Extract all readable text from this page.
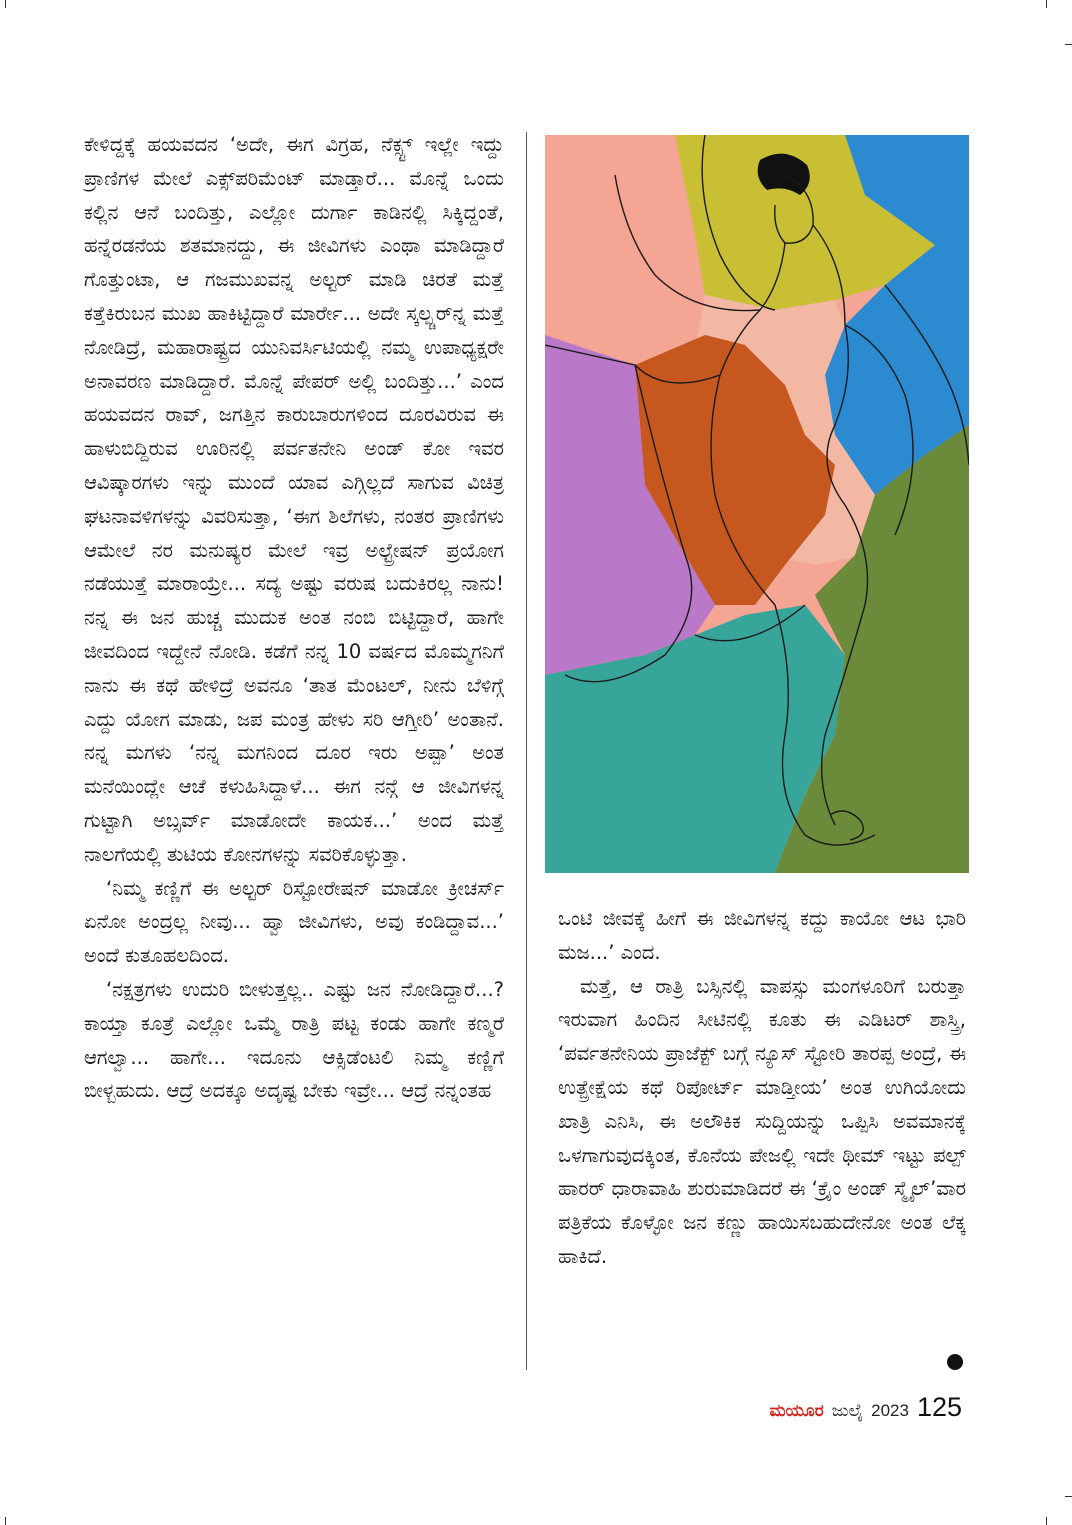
ಕೇಳಿದ್ದಕ್ಕೆ ಹಯವದನ ‘ಅದೇ, ಈಗ ವಿಗ್ರಹ, ನೆಕ್ಸ್ಟ್ ಇಲ್ಲೇ ಇದ್ದು ಪ್ರಾಣಿಗಳ ಮೇಲೆ ಎಕ್ಸ್‌ಪರಿಮೆಂಟ್ ಮಾಡ್ತಾರೆ... ಮೊನ್ನೆ ಒಂದು ಕಲ್ಲಿನ ಆನೆ ಬಂದಿತ್ತು, ಎಲ್ಲೋ ದುರ್ಗಾ ಕಾಡಿನಲ್ಲಿ ಸಿಕ್ಕಿದ್ದಂತೆ, ಹನ್ನೆರಡನೆಯ ಶತಮಾನದ್ದು, ಈ ಜೀವಿಗಳು ಎಂಥಾ ಮಾಡಿದ್ದಾರೆ ಗೊತ್ತುಂಟಾ, ಆ ಗಜಮುಖವನ್ನ ಅಲ್ಟರ್ ಮಾಡಿ ಚಿರತೆ ಮತ್ತೆ ಕತ್ತೆಕಿರುಬನ ಮುಖ ಹಾಕಿಟ್ಟಿದ್ದಾರೆ ಮಾರ್ರೇ... ಅದೇ ಸ್ಕಲ್ಪ್ಚರ್‌ನ್ನ ಮತ್ತೆ ನೋಡಿದ್ರೆ, ಮಹಾರಾಷ್ಟ್ರದ ಯುನಿವರ್ಸಿಟಿಯಲ್ಲಿ ನಮ್ಮ ಉಪಾಧ್ಯಕ್ಷರೇ ಅನಾವರಣ ಮಾಡಿದ್ದಾರೆ. ಮೊನ್ನೆ ಪೇಪರ್ ಅಲ್ಲಿ ಬಂದಿತ್ತು...’ ಎಂದ ಹಯವದನ ರಾವ್, ಜಗತ್ತಿನ ಕಾರುಬಾರುಗಳಿಂದ ದೂರವಿರುವ ಈ ಹಾಳುಬಿದ್ದಿರುವ ಊರಿನಲ್ಲಿ ಪರ್ವತನೇನಿ ಅಂಡ್ ಕೋ ಇವರ ಆವಿಷ್ಕಾರಗಳು ಇನ್ನು ಮುಂದೆ ಯಾವ ಎಗ್ಗಿಲ್ಲದೆ ಸಾಗುವ ವಿಚಿತ್ರ ಘಟನಾವಳಿಗಳನ್ನು ವಿವರಿಸುತ್ತಾ, ‘ಈಗ ಶಿಲೆಗಳು, ನಂತರ ಪ್ರಾಣಿಗಳು ಆಮೇಲೆ ನರ ಮನುಷ್ಯರ ಮೇಲೆ ಇವ್ರ ಅಲ್ಟ್ರೇಷನ್ ಪ್ರಯೋಗ ನಡೆಯುತ್ತೆ ಮಾರಾಯ್ರೇ... ಸದ್ಯ ಅಷ್ಟು ವರುಷ ಬದುಕಿರಲ್ಲ ನಾನು! ನನ್ನ ಈ ಜನ ಹುಚ್ಚ ಮುದುಕ ಅಂತ ನಂಬಿ ಬಿಟ್ಟಿದ್ದಾರೆ, ಹಾಗೇ ಜೀವದಿಂದ ಇದ್ದೇನೆ ನೋಡಿ. ಕಡೆಗೆ ನನ್ನ 10 ವರ್ಷದ ಮೊಮ್ಮಗನಿಗೆ ನಾನು ಈ ಕಥೆ ಹೇಳಿದ್ರೆ ಅವನೂ ‘ತಾತ ಮೆಂಟಲ್, ನೀನು ಬೆಳಿಗ್ಗೆ ಎದ್ದು ಯೋಗ ಮಾಡು, ಜಪ ಮಂತ್ರ ಹೇಳು ಸರಿ ಆಗ್ತೀರಿ’ ಅಂತಾನೆ. ನನ್ನ ಮಗಳು ‘ನನ್ನ ಮಗನಿಂದ ದೂರ ಇರು ಅಪ್ಪಾ’ ಅಂತ ಮನೆಯಿಂದ್ಲೇ ಆಚೆ ಕಳುಹಿಸಿದ್ದಾಳೆ... ಈಗ ನನ್ಗೆ ಆ ಜೀವಿಗಳನ್ನ ಗುಟ್ಟಾಗಿ ಅಬ್ಸರ್ವ್ ಮಾಡೋದೇ ಕಾಯಕ...’ ಅಂದ ಮತ್ತೆ ನಾಲಗೆಯಲ್ಲಿ ತುಟಿಯ ಕೋನಗಳನ್ನು ಸವರಿಕೊಳ್ಳುತ್ತಾ.

‘ನಿಮ್ಮ ಕಣ್ಣಿಗೆ ಈ ಅಲ್ಟರ್ ರಿಸ್ಟೋರೇಷನ್ ಮಾಡೋ ಕ್ರೀಚರ್ಸ್ ಏನೋ ಅಂದ್ರಲ್ಲ ನೀವು... ಹ್ವಾ ಜೀವಿಗಳು, ಅವು ಕಂಡಿದ್ದಾವ...’ ಅಂದೆ ಕುತೂಹಲದಿಂದ.

‘ನಕ್ಷತ್ರಗಳು ಉದುರಿ ಬೀಳುತ್ತಲ್ಲ.. ಎಷ್ಟು ಜನ ನೋಡಿದ್ದಾರೆ...? ಕಾಯ್ತಾ ಕೂತ್ರೆ ಎಲ್ಲೋ ಒಮ್ಮೆ ರಾತ್ರಿ ಪಟ್ಟ ಕಂಡು ಹಾಗೇ ಕಣ್ಮರೆ ಆಗಲ್ವಾ... ಹಾಗೇ... ಇದೂನು ಆಕ್ಸಿಡೆಂಟಲಿ ನಿಮ್ಮ ಕಣ್ಣಿಗೆ ಬೀಳ್ಬಹುದು. ಆದ್ರೆ ಅದಕ್ಕೂ ಅದೃಷ್ಟ ಬೇಕು ಇವ್ರೇ... ಆದ್ರೆ ನನ್ನಂತಹ

ಒಂಟಿ ಜೀವಕ್ಕೆ ಹೀಗೆ ಈ ಜೀವಿಗಳನ್ನ ಕದ್ದು ಕಾಯೋ ಆಟ ಭಾರಿ ಮಜ...’ ಎಂದ.

ಮತ್ತೆ, ಆ ರಾತ್ರಿ ಬಸ್ಸಿನಲ್ಲಿ ವಾಪಸ್ಸು ಮಂಗಳೂರಿಗೆ ಬರುತ್ತಾ ಇರುವಾಗ ಹಿಂದಿನ ಸೀಟಿನಲ್ಲಿ ಕೂತು ಈ ಎಡಿಟರ್ ಶಾಸ್ತ್ರಿ, ‘ಪರ್ವತನೇನಿಯ ಪ್ರಾಜೆಕ್ಟ್ ಬಗ್ಗೆ ನ್ಯೂಸ್ ಸ್ಟೋರಿ ತಾರಪ್ಪ ಅಂದ್ರೆ, ಈ ಉತ್ಪ್ರೇಕ್ಷೆಯ ಕಥೆ ರಿಪೋರ್ಟ್ ಮಾಡ್ತೀಯ’ ಅಂತ ಉಗಿಯೋದು ಖಾತ್ರಿ ಎನಿಸಿ, ಈ ಅಲೌಕಿಕ ಸುದ್ದಿಯನ್ನು ಒಪ್ಪಿಸಿ ಅವಮಾನಕ್ಕೆ ಒಳಗಾಗುವುದಕ್ಕಿಂತ, ಕೊನೆಯ ಪೇಜಲ್ಲಿ ಇದೇ ಥೀಮ್ ಇಟ್ಟು ಪಲ್ಪ್ ಹಾರರ್ ಧಾರಾವಾಹಿ ಶುರುಮಾಡಿದರೆ ಈ ‘ಕ್ರೈಂ ಅಂಡ್ ಸ್ಮೈಲ್’ವಾರ ಪತ್ರಿಕೆಯ ಕೊಳ್ಳೋ ಜನ ಕಣ್ಣು ಹಾಯಿಸಬಹುದೇನೋ ಅಂತ ಲೆಕ್ಕ ಹಾಕಿದೆ.

ಮಯೂರ ಜುಲೈ 2023 125
